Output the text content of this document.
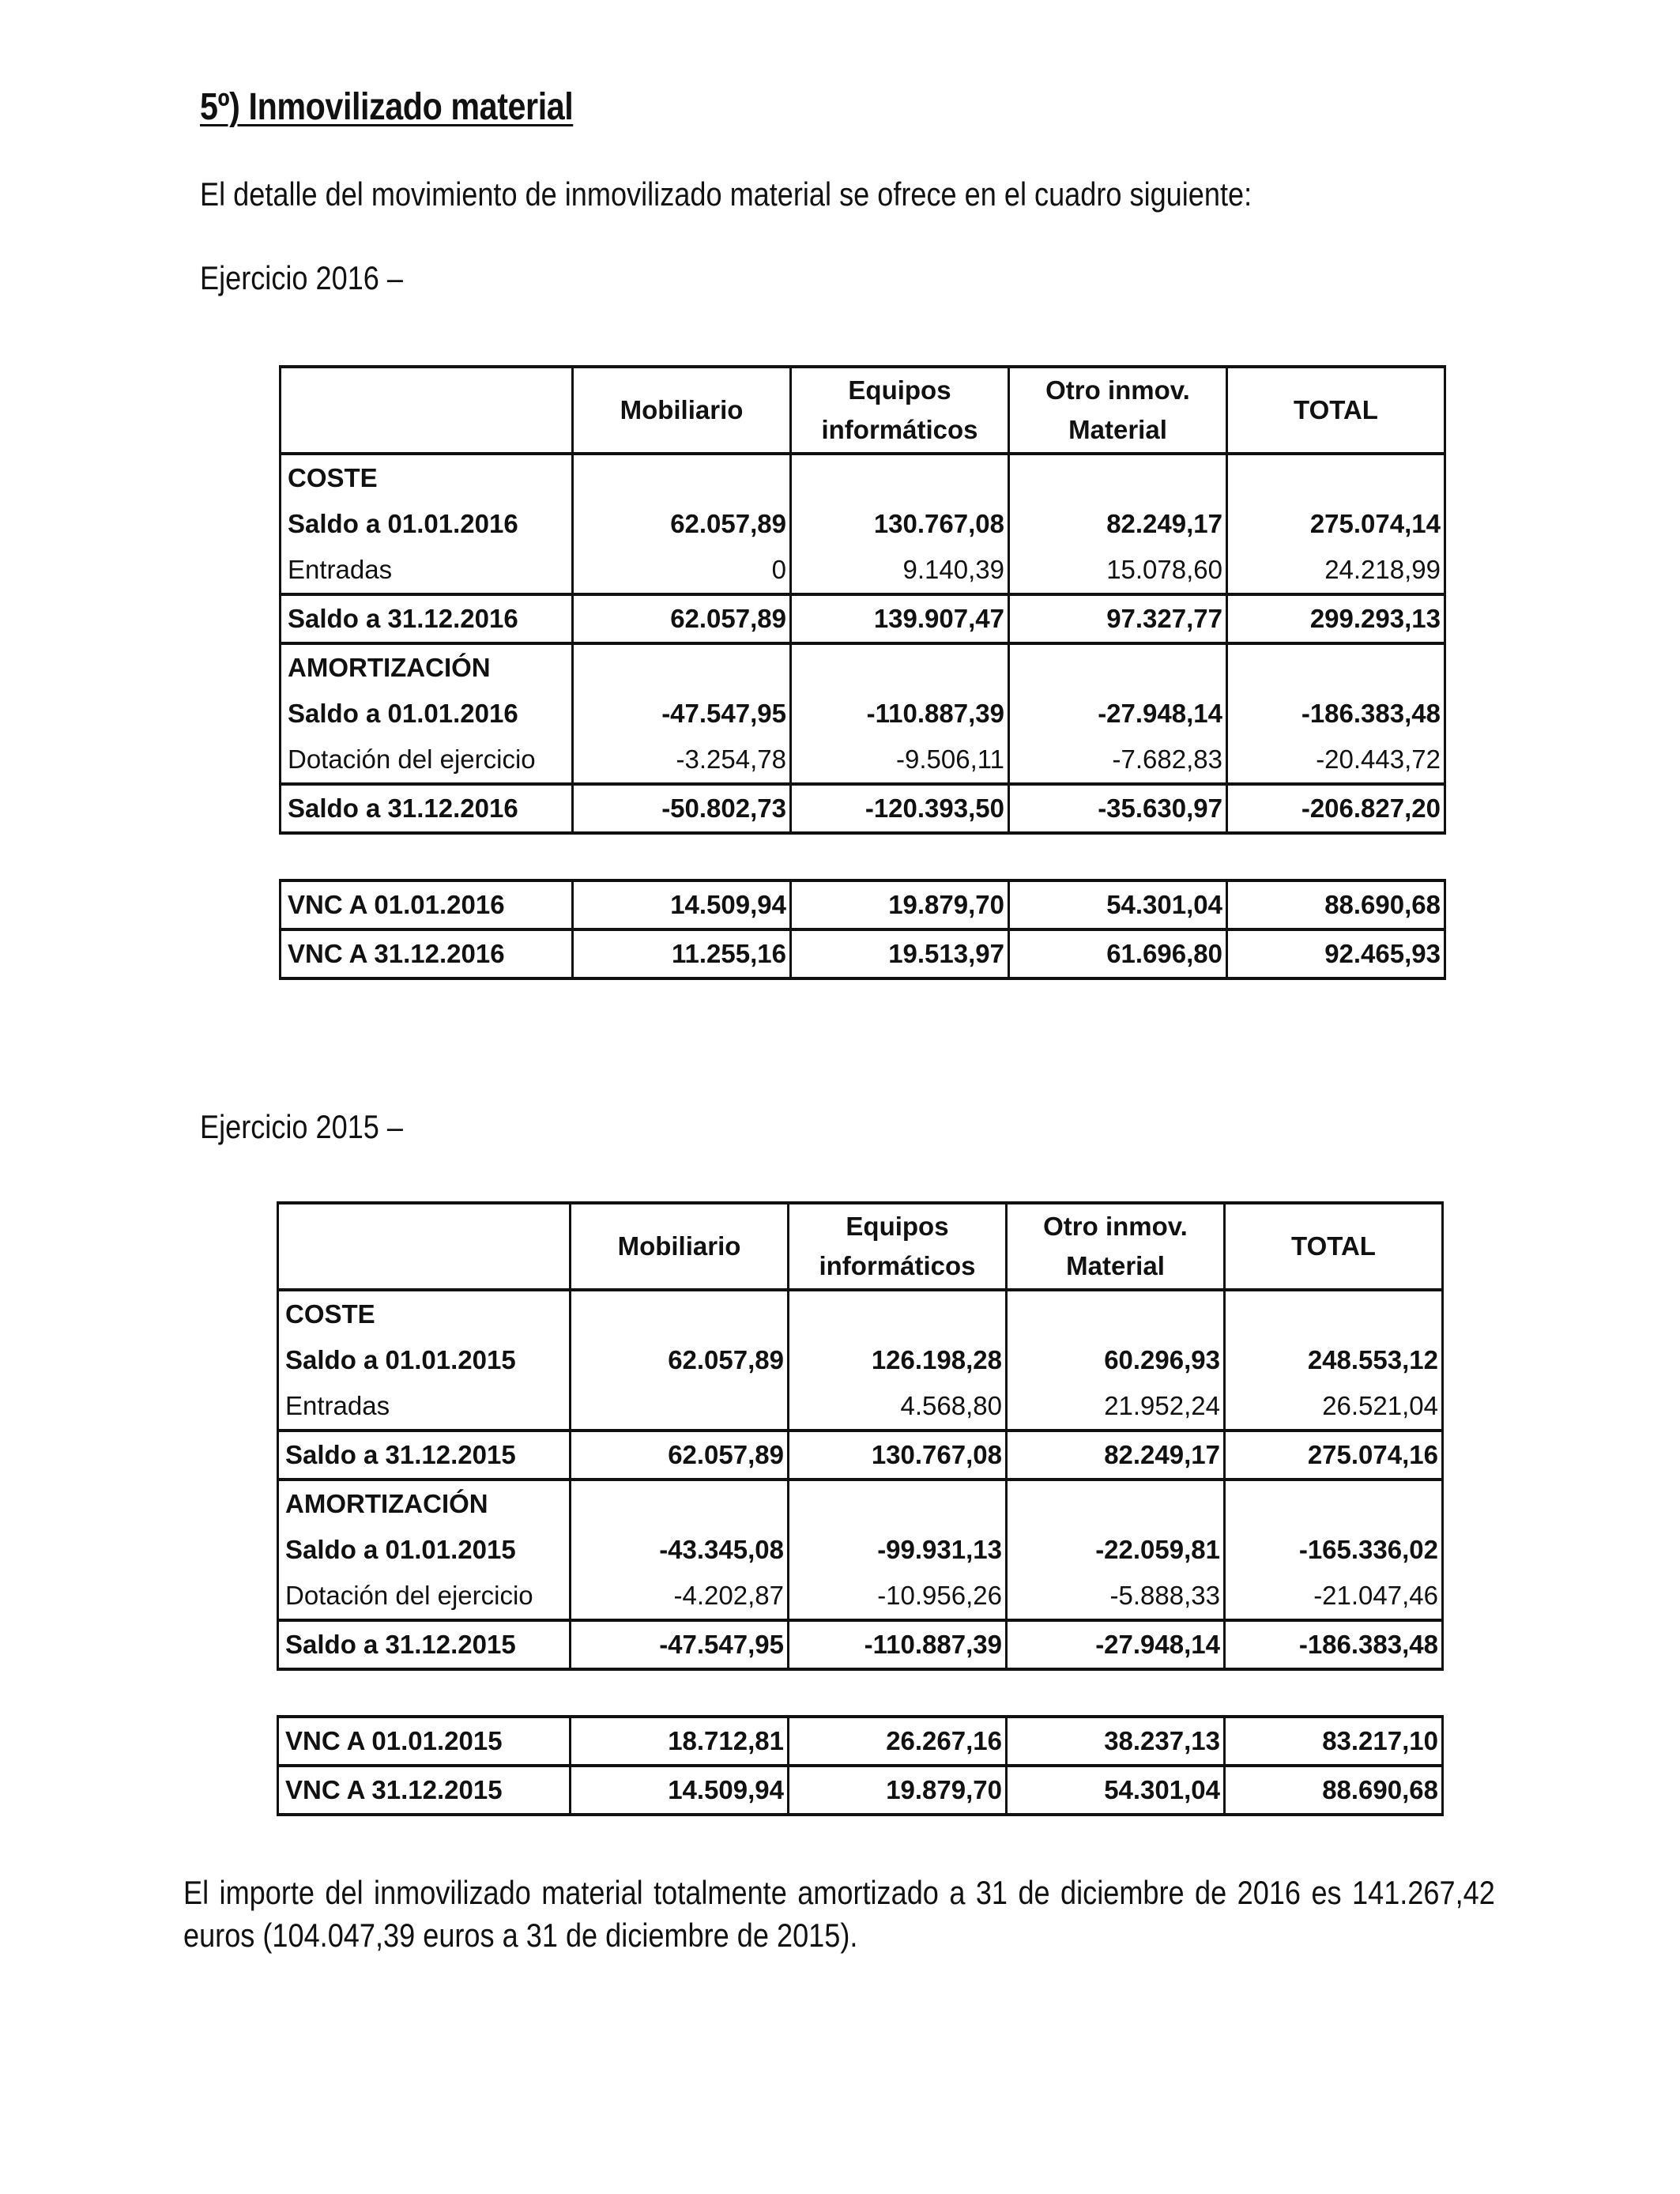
5º) Inmovilizado material
El detalle del movimiento de inmovilizado material se ofrece en el cuadro siguiente:
Ejercicio 2016 –
	Mobiliario	Equipos informáticos	Otro inmov. Material	TOTAL
COSTE				
Saldo a 01.01.2016	62.057,89	130.767,08	82.249,17	275.074,14
Entradas	0	9.140,39	15.078,60	24.218,99
Saldo a 31.12.2016	62.057,89	139.907,47	97.327,77	299.293,13
AMORTIZACIÓN				
Saldo a 01.01.2016	-47.547,95	-110.887,39	-27.948,14	-186.383,48
Dotación del ejercicio	-3.254,78	-9.506,11	-7.682,83	-20.443,72
Saldo a 31.12.2016	-50.802,73	-120.393,50	-35.630,97	-206.827,20

VNC A 01.01.2016	14.509,94	19.879,70	54.301,04	88.690,68
VNC A 31.12.2016	11.255,16	19.513,97	61.696,80	92.465,93
Ejercicio 2015 –
	Mobiliario	Equipos informáticos	Otro inmov. Material	TOTAL
COSTE				
Saldo a 01.01.2015	62.057,89	126.198,28	60.296,93	248.553,12
Entradas		4.568,80	21.952,24	26.521,04
Saldo a 31.12.2015	62.057,89	130.767,08	82.249,17	275.074,16
AMORTIZACIÓN				
Saldo a 01.01.2015	-43.345,08	-99.931,13	-22.059,81	-165.336,02
Dotación del ejercicio	-4.202,87	-10.956,26	-5.888,33	-21.047,46
Saldo a 31.12.2015	-47.547,95	-110.887,39	-27.948,14	-186.383,48

VNC A 01.01.2015	18.712,81	26.267,16	38.237,13	83.217,10
VNC A 31.12.2015	14.509,94	19.879,70	54.301,04	88.690,68
El importe del inmovilizado material totalmente amortizado a 31 de diciembre de 2016 es 141.267,42 euros (104.047,39 euros a 31 de diciembre de 2015).
